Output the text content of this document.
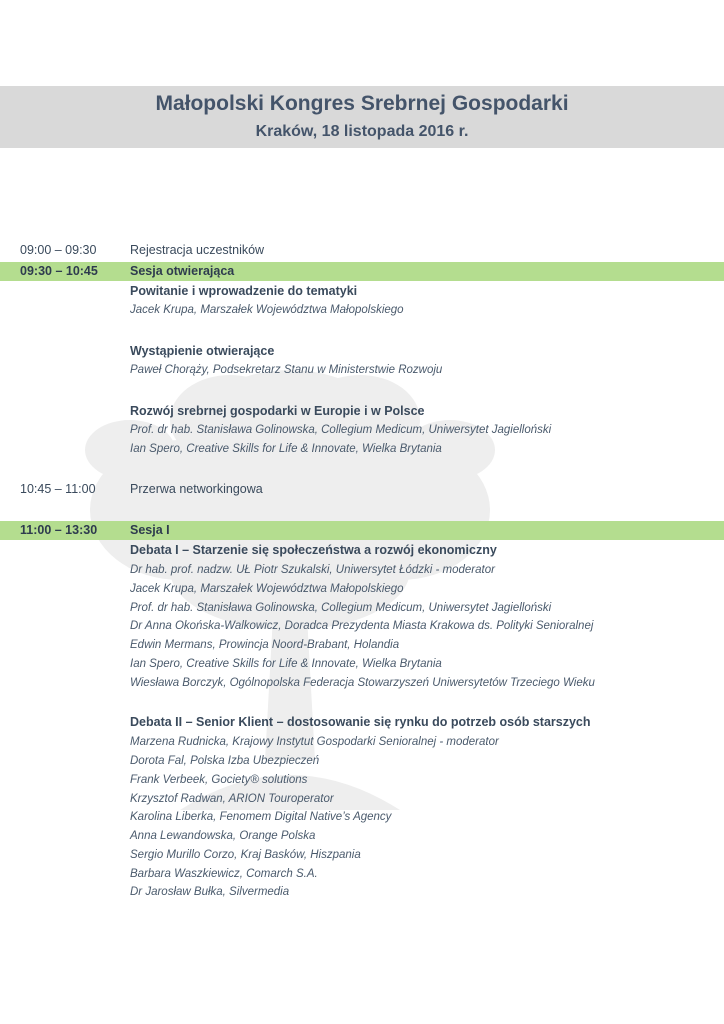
Małopolski Kongres Srebrnej Gospodarki
Kraków, 18 listopada 2016 r.
09:00 – 09:30	Rejestracja uczestników
09:30 – 10:45	Sesja otwierająca
Powitanie i wprowadzenie do tematyki
Jacek Krupa, Marszałek Województwa Małopolskiego
Wystąpienie otwierające
Paweł Chorąży, Podsekretarz Stanu w Ministerstwie Rozwoju
Rozwój srebrnej gospodarki w Europie i w Polsce
Prof. dr hab. Stanisława Golinowska, Collegium Medicum, Uniwersytet Jagielloński
Ian Spero, Creative Skills for Life & Innovate, Wielka Brytania
10:45 – 11:00	Przerwa networkingowa
11:00 – 13:30	Sesja I
Debata I – Starzenie się społeczeństwa a rozwój ekonomiczny
Dr hab. prof. nadzw. UŁ Piotr Szukalski, Uniwersytet Łódzki - moderator
Jacek Krupa, Marszałek Województwa Małopolskiego
Prof. dr hab. Stanisława Golinowska, Collegium Medicum, Uniwersytet Jagielloński
Dr Anna Okońska-Walkowicz, Doradca Prezydenta Miasta Krakowa ds. Polityki Senioralnej
Edwin Mermans, Prowincja Noord-Brabant, Holandia
Ian Spero, Creative Skills for Life & Innovate, Wielka Brytania
Wiesława Borczyk, Ogólnopolska Federacja Stowarzyszeń Uniwersytetów Trzeciego Wieku
Debata II – Senior Klient – dostosowanie się rynku do potrzeb osób starszych
Marzena Rudnicka, Krajowy Instytut Gospodarki Senioralnej - moderator
Dorota Fal, Polska Izba Ubezpieczeń
Frank Verbeek, Gociety® solutions
Krzysztof Radwan, ARION Touroperator
Karolina Liberka, Fenomem Digital Native’s Agency
Anna Lewandowska, Orange Polska
Sergio Murillo Corzo, Kraj Basków, Hiszpania
Barbara Waszkiewicz, Comarch S.A.
Dr Jarosław Bułka, Silvermedia
